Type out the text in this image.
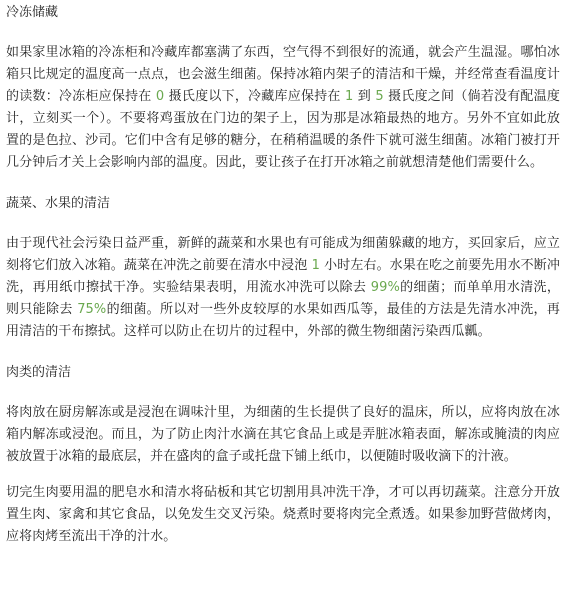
冷冻储藏

如果家里冰箱的冷冻柜和冷藏库都塞满了东西，空气得不到很好的流通，就会产生温湿。哪怕冰箱只比规定的温度高一点点，也会滋生细菌。保持冰箱内架子的清洁和干燥，并经常查看温度计的读数：冷冻柜应保持在 0 摄氏度以下，冷藏库应保持在 1 到 5 摄氏度之间（倘若没有配温度计，立刻买一个）。不要将鸡蛋放在门边的架子上，因为那是冰箱最热的地方。另外不宜如此放置的是色拉、沙司。它们中含有足够的糖分，在稍稍温暖的条件下就可滋生细菌。冰箱门被打开几分钟后才关上会影响内部的温度。因此，要让孩子在打开冰箱之前就想清楚他们需要什么。

蔬菜、水果的清洁

由于现代社会污染日益严重，新鲜的蔬菜和水果也有可能成为细菌躲藏的地方，买回家后，应立刻将它们放入冰箱。蔬菜在冲洗之前要在清水中浸泡 1 小时左右。水果在吃之前要先用水不断冲洗，再用纸巾擦拭干净。实验结果表明，用流水冲洗可以除去 99%的细菌；而单单用水清洗，则只能除去 75%的细菌。所以对一些外皮较厚的水果如西瓜等，最佳的方法是先清水冲洗，再用清洁的干布擦拭。这样可以防止在切片的过程中，外部的微生物细菌污染西瓜瓤。

肉类的清洁

将肉放在厨房解冻或是浸泡在调味汁里，为细菌的生长提供了良好的温床，所以，应将肉放在冰箱内解冻或浸泡。而且，为了防止肉汁水滴在其它食品上或是弄脏冰箱表面，解冻或腌渍的肉应被放置于冰箱的最底层，并在盛肉的盒子或托盘下铺上纸巾，以便随时吸收滴下的汁液。

切完生肉要用温的肥皂水和清水将砧板和其它切割用具冲洗干净，才可以再切蔬菜。注意分开放置生肉、家禽和其它食品，以免发生交叉污染。烧煮时要将肉完全煮透。如果参加野营做烤肉，应将肉烤至流出干净的汁水。
